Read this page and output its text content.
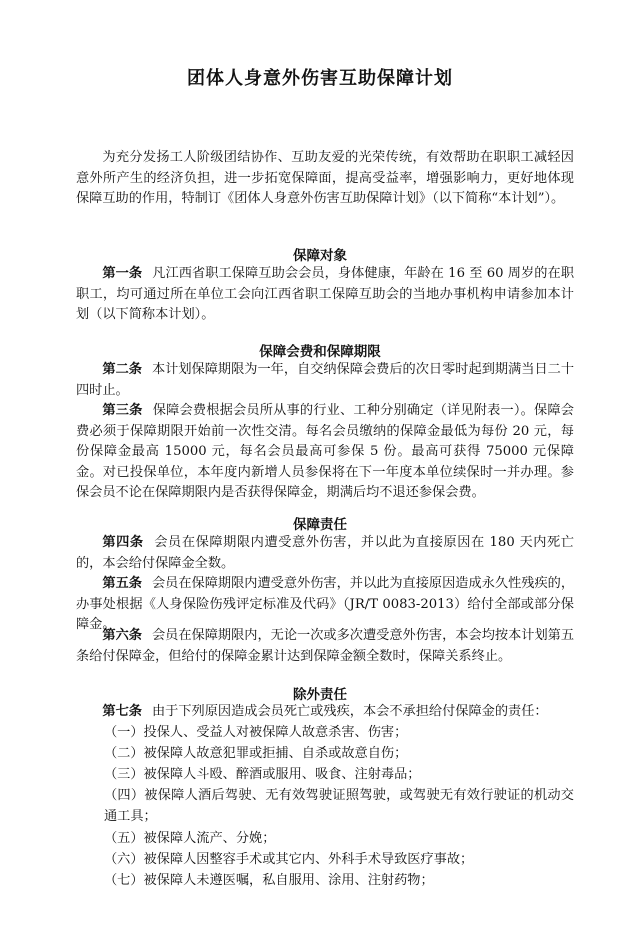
团体人身意外伤害互助保障计划
为充分发扬工人阶级团结协作、互助友爱的光荣传统，有效帮助在职职工减轻因意外所产生的经济负担，进一步拓宽保障面，提高受益率，增强影响力，更好地体现保障互助的作用，特制订《团体人身意外伤害互助保障计划》（以下简称“本计划”）。
保障对象
第一条 凡江西省职工保障互助会会员，身体健康，年龄在 16 至 60 周岁的在职职工，均可通过所在单位工会向江西省职工保障互助会的当地办事机构申请参加本计划（以下简称本计划）。
保障会费和保障期限
第二条 本计划保障期限为一年，自交纳保障会费后的次日零时起到期满当日二十四时止。
第三条 保障会费根据会员所从事的行业、工种分别确定（详见附表一）。保障会费必须于保障期限开始前一次性交清。每名会员缴纳的保障金最低为每份 20 元，每份保障金最高 15000 元，每名会员最高可参保 5 份。最高可获得 75000 元保障金。对已投保单位，本年度内新增人员参保将在下一年度本单位续保时一并办理。参保会员不论在保障期限内是否获得保障金，期满后均不退还参保会费。
保障责任
第四条 会员在保障期限内遭受意外伤害，并以此为直接原因在 180 天内死亡的，本会给付保障金全数。
第五条 会员在保障期限内遭受意外伤害，并以此为直接原因造成永久性残疾的，办事处根据《人身保险伤残评定标准及代码》（JR/T 0083-2013）给付全部或部分保障金。
第六条 会员在保障期限内，无论一次或多次遭受意外伤害，本会均按本计划第五条给付保障金，但给付的保障金累计达到保障金额全数时，保障关系终止。
除外责任
第七条 由于下列原因造成会员死亡或残疾，本会不承担给付保障金的责任：
（一）投保人、受益人对被保障人故意杀害、伤害；
（二）被保障人故意犯罪或拒捕、自杀或故意自伤；
（三）被保障人斗殴、醉酒或服用、吸食、注射毒品；
（四）被保障人酒后驾驶、无有效驾驶证照驾驶，或驾驶无有效行驶证的机动交通工具；
（五）被保障人流产、分娩；
（六）被保障人因整容手术或其它内、外科手术导致医疗事故；
（七）被保障人未遵医嘱，私自服用、涂用、注射药物；
